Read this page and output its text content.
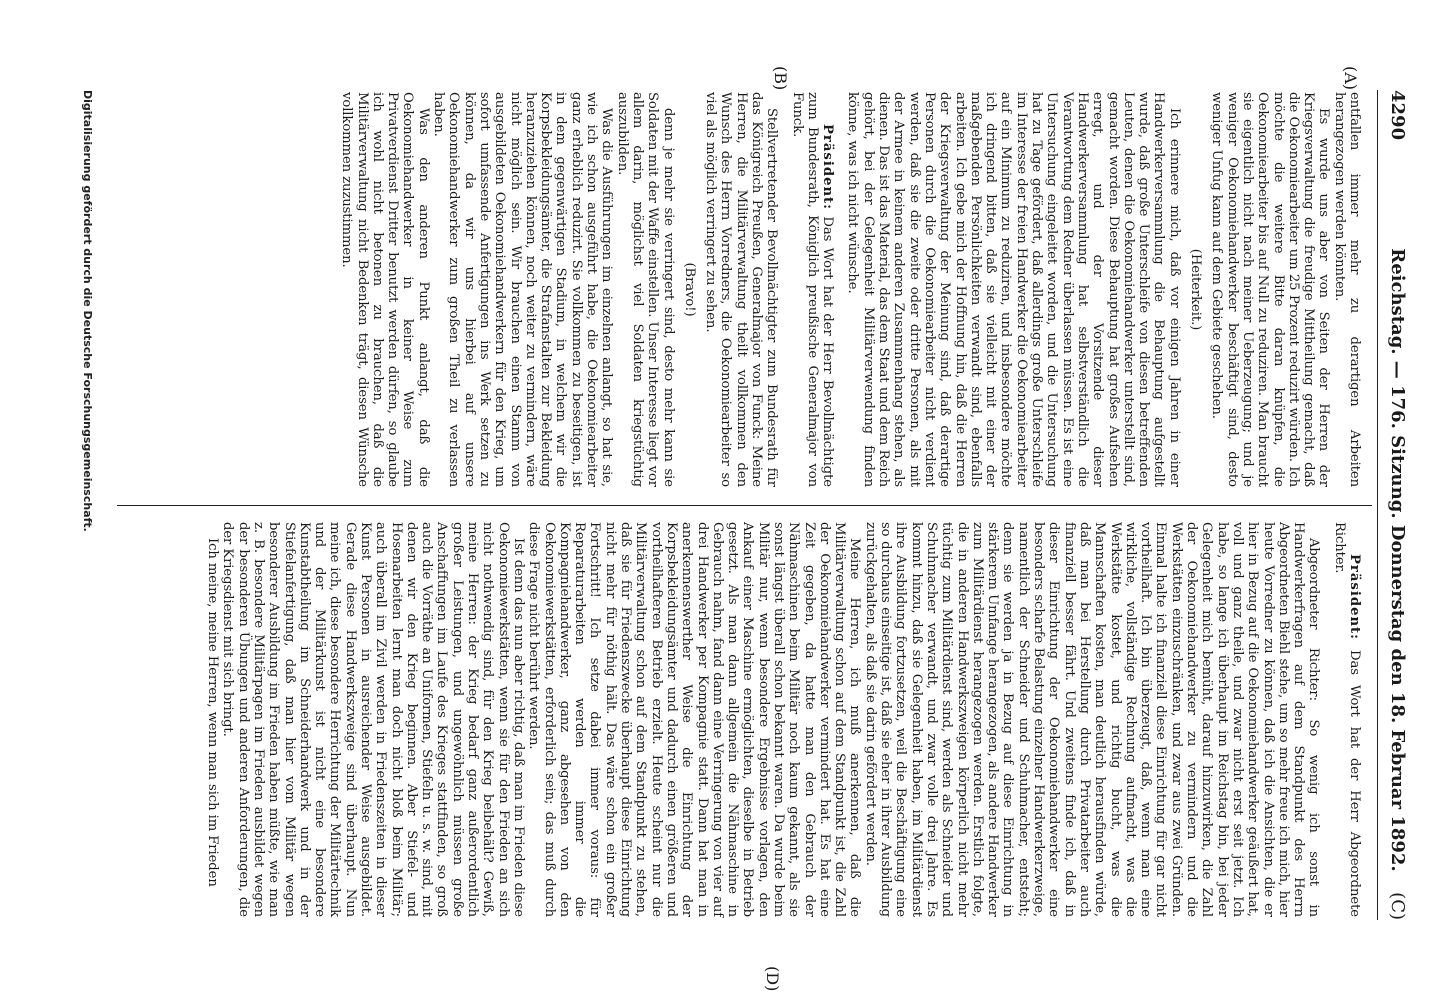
4290
Reichstag. — 176. Sitzung. Donnerstag den 18. Februar 1892.
(C)
(A)
(B)
(D)

entfallen immer mehr zu derartigen Arbeiten herangezogen werden könnten.

Es wurde uns aber von Seiten der Herren der Kriegsverwaltung die freudige Mittheilung gemacht, daß die Oekonomiearbeiter um 25 Prozent reduzirt würden. Ich möchte die weitere Bitte daran knüpfen, die Oekonomiearbeiter bis auf Null zu reduziren. Man braucht sie eigentlich nicht nach meiner Ueberzeugung; und je weniger Oekonomiehandwerker beschäftigt sind, desto weniger Unfug kann auf dem Gebiete geschehen.

(Heiterkeit.)

Ich erinnere mich, daß vor einigen Jahren in einer Handwerkerversammlung die Behauptung aufgestellt wurde, daß große Unterschleife von diesen betreffenden Leuten, denen die Oekonomiehandwerker unterstellt sind, gemacht worden. Diese Behauptung hat großes Aufsehen erregt, und der Vorsitzende dieser Handwerkerversammlung hat selbstverständlich die Verantwortung dem Redner überlassen müssen. Es ist eine Untersuchung eingeleitet worden, und die Untersuchung hat zu Tage gefördert, daß allerdings große Unterschleife im Interesse der freien Handwerker die Oekonomiearbeiter auf ein Minimum zu reduziren, und insbesondere möchte ich dringend bitten, daß sie vielleicht mit einer der maßgebenden Persönlichkeiten verwandt sind, ebenfalls arbeiten. Ich gebe mich der Hoffnung hin, daß die Herren der Kriegsverwaltung der Meinung sind, daß derartige Personen durch die Oekonomiearbeiter nicht verdient werden, daß sie die zweite oder dritte Personen, als mit der Armee in keinem anderen Zusammenhang stehen, als dienen. Das ist das Material, das dem Staat und dem Reich gehört, bei der Gelegenheit Militärverwendung finden könne, was ich nicht wünsche.

Präsident: Das Wort hat der Herr Bevollmächtigte zum Bundesrath, Königlich preußische Generalmajor von Funck.

Stellvertretender Bevollmächtigter zum Bundesrath für das Königreich Preußen, Generalmajor von Funck: Meine Herren, die Militärverwaltung theilt vollkommen den Wunsch des Herrn Vorredners, die Oekonomiearbeiter so viel als möglich verringert zu sehen.

(Bravo!)

denn je mehr sie verringert sind, desto mehr kann sie Soldaten mit der Waffe einstellen. Unser Interesse liegt vor allem darin, möglichst viel Soldaten kriegstüchtig auszubilden.

Was die Ausführungen im einzelnen anlangt, so hat sie, wie ich schon ausgeführt habe, die Oekonomiearbeiter ganz erheblich reduzirt. Sie vollkommen zu beseitigen, ist in dem gegenwärtigen Stadium, in welchem wir die Korpsbekleidungsämter, die Strafanstalten zur Bekleidung heranzuziehen können, noch weiter zu vermindern, wäre nicht möglich sein. Wir brauchen einen Stamm von ausgebildeten Oekonomiehandwerkern für den Krieg, um sofort umfassende Anfertigungen ins Werk setzen zu können, da wir uns hierbei auf unsere Oekonomiehandwerker zum großen Theil zu verlassen haben.

Was den anderen Punkt anlangt, daß die Oekonomiehandwerker in keiner Weise zum Privatverdienst Dritter benutzt werden dürfen, so glaube ich wohl nicht betonen zu brauchen, daß die Militärverwaltung nicht Bedenken trägt, diesen Wünsche vollkommen zuzustimmen.

Präsident: Das Wort hat der Herr Abgeordnete Richter.

Abgeordneter Richter: So wenig ich sonst in Handwerkerfragen auf dem Standpunkt des Herrn Abgeordneten Biehl stehe, um so mehr freue ich mich, hier heute Vorredner zu können, daß ich die Ansichten, die er hier in Bezug auf die Oekonomiehandwerker geäußert hat, voll und ganz theile, und zwar nicht erst seit jetzt. Ich habe, so lange ich überhaupt im Reichstag bin, bei jeder Gelegenheit mich bemüht, darauf hinzuwirken, die Zahl der Oekonomiehandwerker zu vermindern und die Werkstätten einzuschränken, und zwar aus zwei Gründen. Einmal halte ich finanziell diese Einrichtung für gar nicht vortheilhaft. Ich bin überzeugt, daß, wenn man eine wirkliche, vollständige Rechnung aufmacht, was die Werkstätte kostet, und richtig bucht, was die Mannschaften kosten, man deutlich herausfinden würde, daß man bei Herstellung durch Privatarbeiter auch finanziell besser fährt. Und zweitens finde ich, daß in dieser Einrichtung der Oekonomiehandwerker eine besonders scharfe Belastung einzelner Handwerkerzweige, namentlich der Schneider und Schuhmacher, entsteht; denn sie werden ja in Bezug auf diese Einrichtung in stärkerem Umfange herangezogen, als andere Handwerker zum Militärdienst herangezogen werden. Erstlich folgte, die in anderen Handwerkszweigen körperlich nicht mehr tüchtig zum Militärdienst sind, werden als Schneider und Schuhmacher verwandt, und zwar volle drei Jahre. Es kommt hinzu, daß sie Gelegenheit haben, im Militärdienst ihre Ausbildung fortzusetzen, weil die Beschäftigung eine so durchaus einseitige ist, daß sie eher in ihrer Ausbildung zurückgehalten, als daß sie darin gefördert werden.

Meine Herren, ich muß anerkennen, daß die Militärverwaltung schon auf dem Standpunkt ist, die Zahl der Oekonomiehandwerker vermindert hat. Es hat eine Zeit gegeben, da hatte man den Gebrauch der Nähmaschinen beim Militär noch kaum gekannt, als sie sonst längst überall schon bekannt waren. Da wurde beim Militär nur, wenn besondere Ergebnisse vorlagen, den Ankauf einer Maschine ermöglichten, dieselbe in Betrieb gesetzt. Als man dann allgemein die Nähmaschine in Gebrauch nahm, fand dann eine Verringerung von vier auf drei Handwerker per Kompagnie statt. Dann hat man in anerkennenswerther Weise die Einrichtung der Korpsbekleidungsämter und dadurch einen größeren und vortheilhafteren Betrieb erzielt. Heute scheint nur die Militärverwaltung schon auf dem Standpunkt zu stehen, daß sie für Friedenszwecke überhaupt diese Einrichtung nicht mehr für nöthig hält. Das wäre schon ein großer Fortschritt! Ich setze dabei immer voraus: für Reparaturarbeiten werden immer die Kompagniehandwerker, ganz abgesehen von den Oekonomiewerkstätten, erforderlich sein; das muß durch diese Frage nicht berührt werden.

Ist denn das nun aber richtig, daß man im Frieden diese Oekonomiewerkstätten, wenn sie für den Frieden an sich nicht nothwendig sind, für den Krieg beibehält? Gewiß, meine Herren: der Krieg bedarf ganz außerordentlich großer Leistungen, und ungewöhnlich müssen große Anschaffungen im Laufe des Krieges stattfinden, so groß auch die Vorräthe an Uniformen, Stiefeln u. s. w. sind, mit denen wir den Krieg beginnen. Aber Stiefel- und Hosenarbeiten lernt man doch nicht bloß beim Militär; auch überall im Zivil werden in Friedenszeiten in dieser Kunst Personen in ausreichender Weise ausgebildet. Gerade diese Handwerkszweige sind überhaupt. Nun meine ich, diese besondere Herrichtung der Militärtechnik und der Militärkunst ist nicht eine besondere Kunstabtheilung im Schneiderhandwerk und in der Stiefelanfertigung, daß man hier vom Militär wegen besonderer Ausbildung im Frieden haben müßte, wie man z. B. besondere Militärpagen im Frieden ausbildet wegen der besonderen Übungen und anderen Anforderungen, die der Kriegsdienst mit sich bringt.

Ich meine, meine Herren, wenn man sich im Frieden

Digitalisierung gefördert durch die Deutsche Forschungsgemeinschaft.
